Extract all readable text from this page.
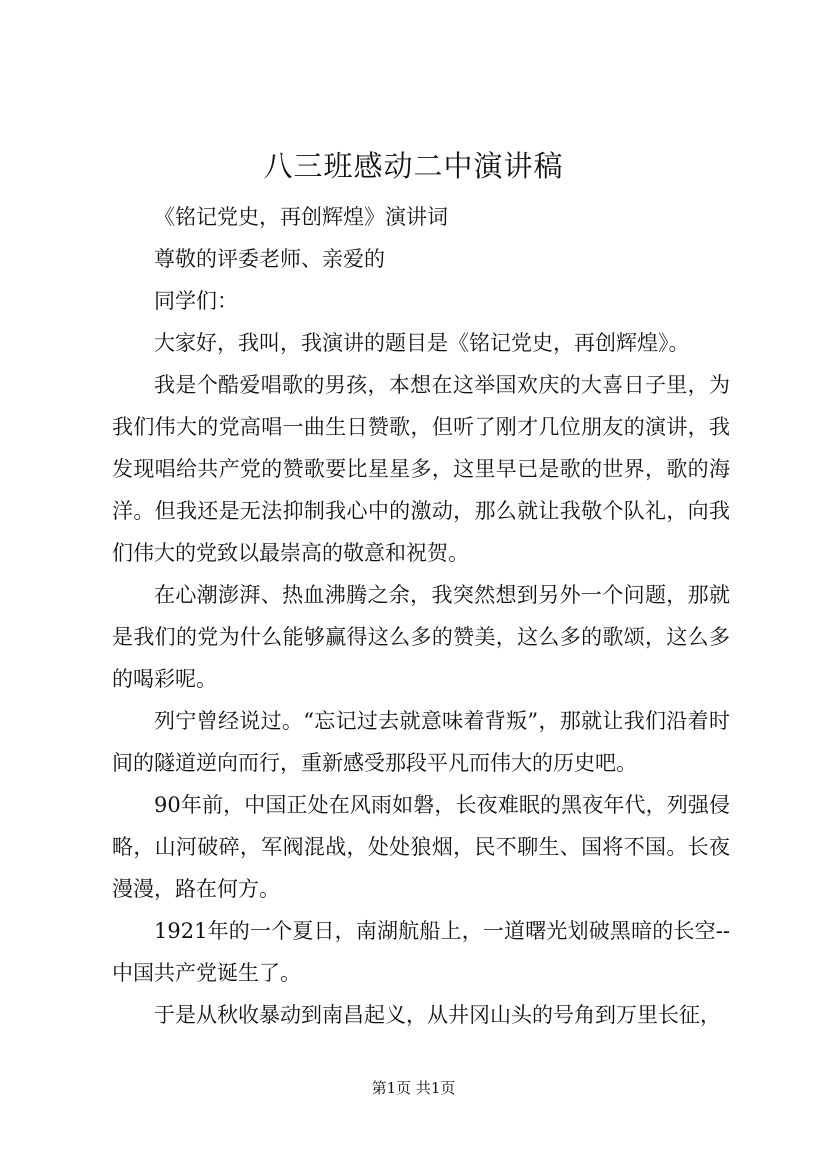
八三班感动二中演讲稿

《铭记党史，再创辉煌》演讲词

尊敬的评委老师、亲爱的

同学们：

大家好，我叫，我演讲的题目是《铭记党史，再创辉煌》。

我是个酷爱唱歌的男孩，本想在这举国欢庆的大喜日子里，为我们伟大的党高唱一曲生日赞歌，但听了刚才几位朋友的演讲，我发现唱给共产党的赞歌要比星星多，这里早已是歌的世界，歌的海洋。但我还是无法抑制我心中的激动，那么就让我敬个队礼，向我们伟大的党致以最崇高的敬意和祝贺。

在心潮澎湃、热血沸腾之余，我突然想到另外一个问题，那就是我们的党为什么能够赢得这么多的赞美，这么多的歌颂，这么多的喝彩呢。

列宁曾经说过。“忘记过去就意味着背叛”，那就让我们沿着时间的隧道逆向而行，重新感受那段平凡而伟大的历史吧。

90年前，中国正处在风雨如磐，长夜难眠的黑夜年代，列强侵略，山河破碎，军阀混战，处处狼烟，民不聊生、国将不国。长夜漫漫，路在何方。

1921年的一个夏日，南湖航船上，一道曙光划破黑暗的长空--中国共产党诞生了。

于是从秋收暴动到南昌起义，从井冈山头的号角到万里长征，

第1页 共1页
